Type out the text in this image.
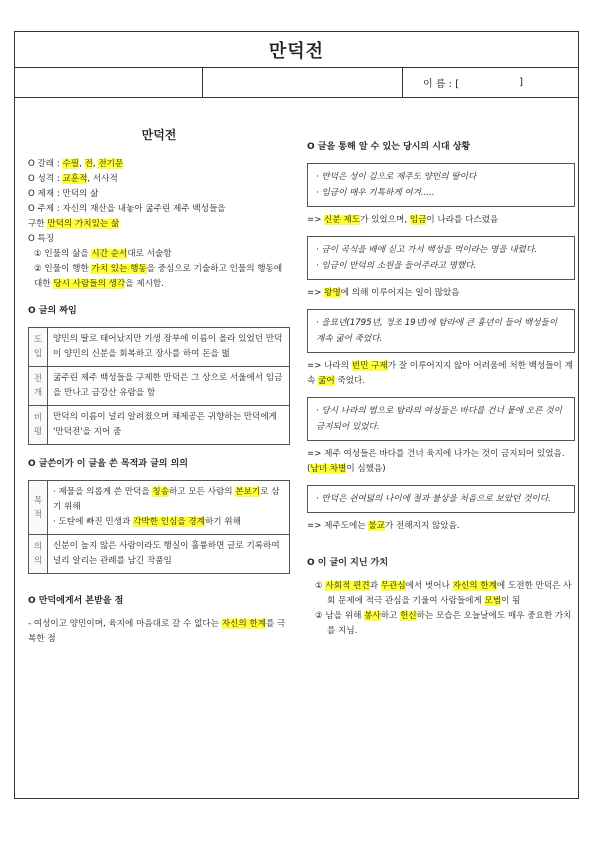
만덕전
이 름 : [	]
만덕전
O 갈래 : 수필, 전, 전기문
O 성격 : 교훈적, 서사적
O 제재 : 만덕의 삶
O 주제 : 자신의 재산을 내놓아 굶주린 제주 백성들을
구한 만덕의 가치있는 삶
O 특징
① 인물의 삶을 시간 순서대로 서술함
② 인물이 행한 가치 있는 행동을 중심으로 기술하고 인물의 행동에 대한 당시 사람들의 생각을 제시함.
O 글의 짜임
도입	양민의 딸로 태어났지만 기생 장부에 이름이 올라 있었던 만덕이 양민의 신분을 회복하고 장사를 하여 돈을 벎
전개	굶주린 제주 백성들을 구제한 만덕은 그 상으로 서울에서 임금을 만나고 금강산 유람을 함
비평	만덕의 이름이 널리 알려졌으며 채제공은 귀향하는 만덕에게 '만덕전'을 지어 줌
O 글쓴이가 이 글을 쓴 목적과 글의 의의
목적	· 제물을 의롭게 쓴 만덕을 칭송하고 모든 사람의 본보기로 삼기 위해
· 도탄에 빠진 민생과 각박한 인심을 경계하기 위해

의의	신분이 높지 않은 사람이라도 행실이 훌륭하면 글로 기록하여 널리 알리는 관례를 남긴 작품임
O 만덕에게서 본받을 점
- 여성이고 양민이며, 육지에 마음대로 갈 수 없다는 자신의 한계를 극복한 점
O 글을 통해 알 수 있는 당시의 시대 상황
· 만덕은 성이 김으로 제주도 양민의 딸이다
· 임금이 매우 기특하게 여겨.....
=> 신분 제도가 있었으며, 임금이 나라를 다스렸음
· 금이 곡식을 배에 싣고 가서 백성을 먹이라는 명을 내렸다.
· 임금이 만덕의 소원을 들어주라고 명했다.
=> 왕명에 의해 이루어지는 일이 많았음
· 을묘년(1795년, 정조 19년)에 탐라에 큰 흉년이 들어 백성들이 계속 굶어 죽었다.
=> 나라의 빈민 구제가 잘 이루어지지 않아 어려움에 처한 백성들이 계속 굶어 죽었다.
· 당시 나라의 법으로 탐라의 여성들은 바다를 건너 뭍에 오른 것이 금지되어 있었다.
=> 제주 여성들은 바다를 건너 육지에 나가는 것이 금지되어 있었음. (남녀 차별이 심했음)
· 만덕은 쉰여덟의 나이에 절과 불상을 처음으로 보았던 것이다.
=> 제주도에는 불교가 전해지지 않았음.
O 이 글이 지닌 가치
① 사회적 편견과 무관심에서 벗어나 자신의 한계에 도전한 만덕은 사회 문제에 적극 관심을 기울여 사람들에게 모범이 됨
② 남을 위해 봉사하고 헌신하는 모습은 오늘날에도 매우 중요한 가치를 지님.
